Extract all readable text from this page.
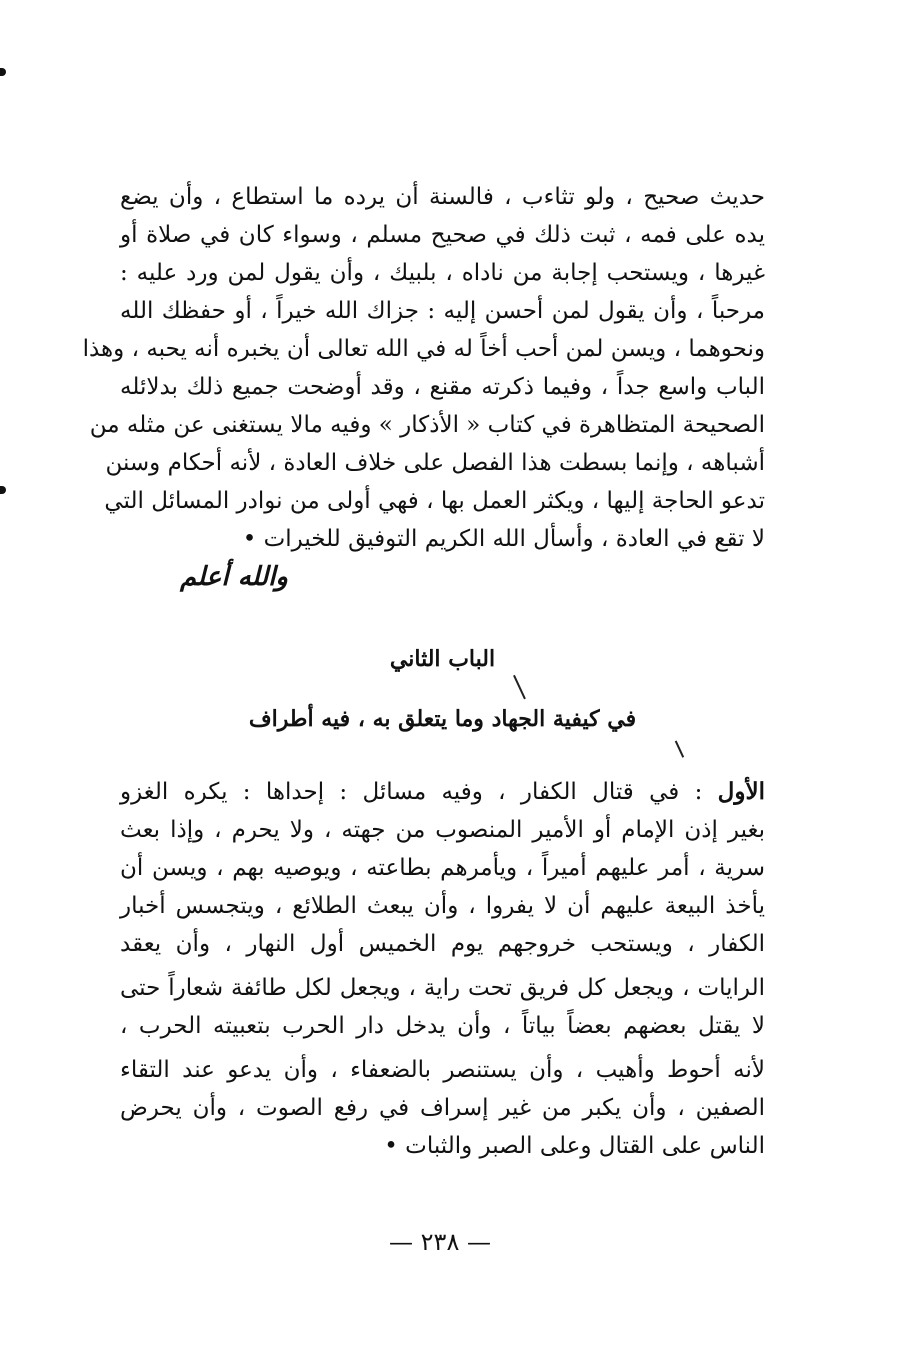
حديث صحيح ، ولو تثاءب ، فالسنة أن يرده ما استطاع ، وأن يضع
يده على فمه ، ثبت ذلك في صحيح مسلم ، وسواء كان في صلاة أو
غيرها ، ويستحب إجابة من ناداه ، بلبيك ، وأن يقول لمن ورد عليه :
مرحباً ، وأن يقول لمن أحسن إليه : جزاك الله خيراً ، أو حفظك الله
ونحوهما ، ويسن لمن أحب أخاً له في الله تعالى أن يخبره أنه يحبه ، وهذا
الباب واسع جداً ، وفيما ذكرته مقنع ، وقد أوضحت جميع ذلك بدلائله
الصحيحة المتظاهرة في كتاب « الأذكار » وفيه مالا يستغنى عن مثله من
أشباهه ، وإنما بسطت هذا الفصل على خلاف العادة ، لأنه أحكام وسنن
تدعو الحاجة إليها ، ويكثر العمل بها ، فهي أولى من نوادر المسائل التي
لا تقع في العادة ، وأسأل الله الكريم التوفيق للخيرات •
والله أعلم
الباب الثاني
في كيفية الجهاد وما يتعلق به ، فيه أطراف
الأول : في قتال الكفار ، وفيه مسائل : إحداها : يكره الغزو
بغير إذن الإمام أو الأمير المنصوب من جهته ، ولا يحرم ، وإذا بعث
سرية ، أمر عليهم أميراً ، ويأمرهم بطاعته ، ويوصيه بهم ، ويسن أن
يأخذ البيعة عليهم أن لا يفروا ، وأن يبعث الطلائع ، ويتجسس أخبار
الكفار ، ويستحب خروجهم يوم الخميس أول النهار ، وأن يعقد
الرايات ، ويجعل كل فريق تحت راية ، ويجعل لكل طائفة شعاراً حتى
لا يقتل بعضهم بعضاً بياتاً ، وأن يدخل دار الحرب بتعبيته الحرب ،
لأنه أحوط وأهيب ، وأن يستنصر بالضعفاء ، وأن يدعو عند التقاء
الصفين ، وأن يكبر من غير إسراف في رفع الصوت ، وأن يحرض
الناس على القتال وعلى الصبر والثبات •
— ٢٣٨ —
